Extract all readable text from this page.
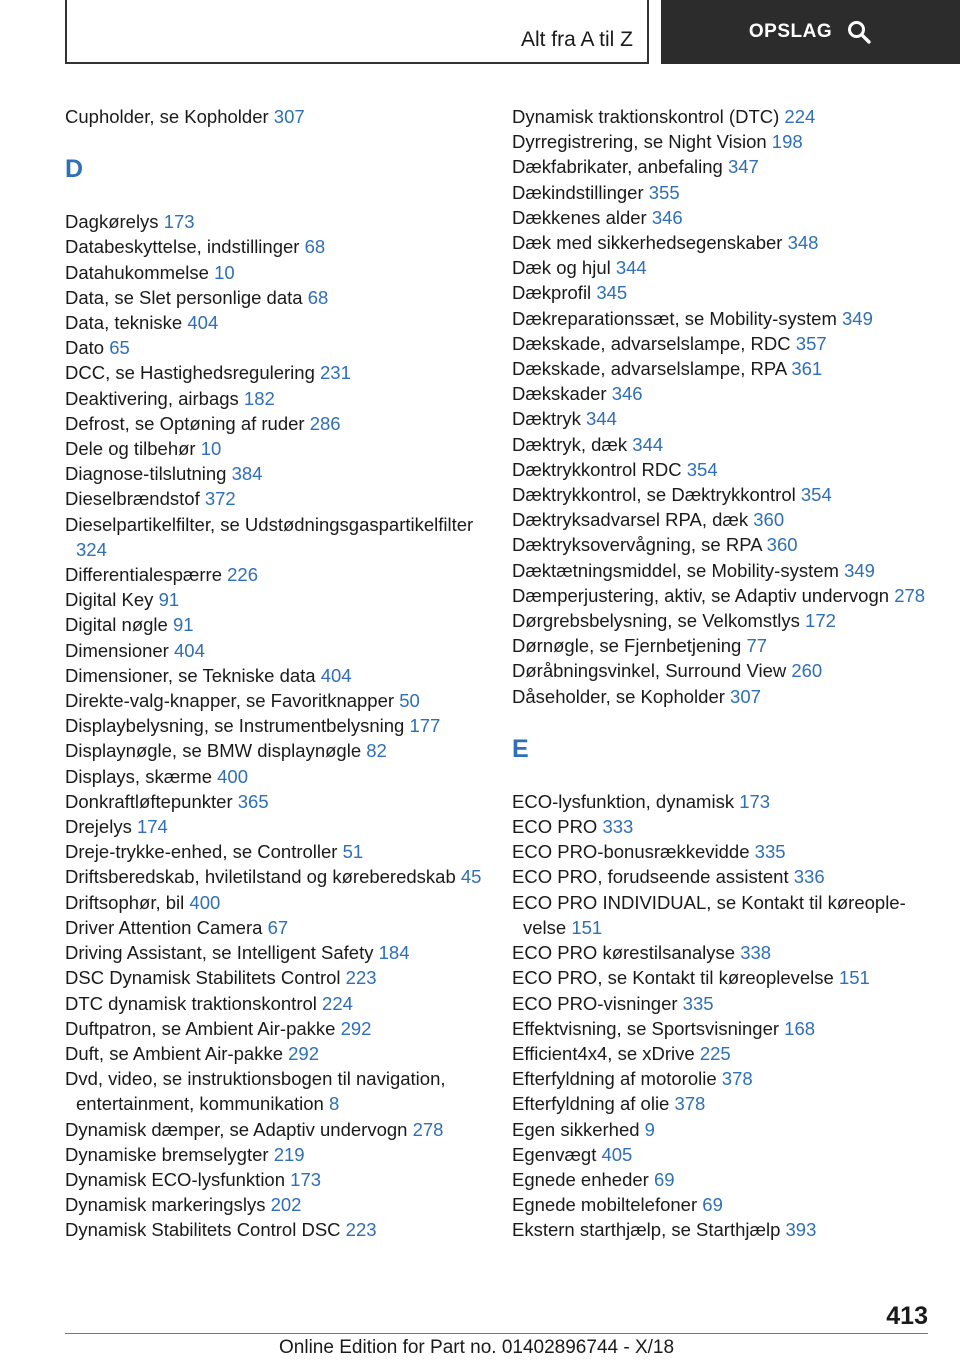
Alt fra A til Z	OPSLAG
Cupholder, se Kopholder 307
D
Dagkørelys 173
Databeskyttelse, indstillinger 68
Datahukommelse 10
Data, se Slet personlige data 68
Data, tekniske 404
Dato 65
DCC, se Hastighedsregulering 231
Deaktivering, airbags 182
Defrost, se Optøning af ruder 286
Dele og tilbehør 10
Diagnose-tilslutning 384
Dieselbrændstof 372
Dieselpartikelfilter, se Udstødningsgaspartikelfilter 324
Differentialespærre 226
Digital Key 91
Digital nøgle 91
Dimensioner 404
Dimensioner, se Tekniske data 404
Direkte-valg-knapper, se Favoritknapper 50
Displaybelysning, se Instrumentbelysning 177
Displaynøgle, se BMW displaynøgle 82
Displays, skærme 400
Donkraftløftepunkter 365
Drejelys 174
Dreje-trykke-enhed, se Controller 51
Driftsberedskab, hviletilstand og køreberedskab 45
Driftsophør, bil 400
Driver Attention Camera 67
Driving Assistant, se Intelligent Safety 184
DSC Dynamisk Stabilitets Control 223
DTC dynamisk traktionskontrol 224
Duftpatron, se Ambient Air-pakke 292
Duft, se Ambient Air-pakke 292
Dvd, video, se instruktionsbogen til navigation, entertainment, kommunikation 8
Dynamisk dæmper, se Adaptiv undervogn 278
Dynamiske bremselygter 219
Dynamisk ECO-lysfunktion 173
Dynamisk markeringslys 202
Dynamisk Stabilitets Control DSC 223
Dynamisk traktionskontrol (DTC) 224
Dyrregistrering, se Night Vision 198
Dækfabrikater, anbefaling 347
Dækindstillinger 355
Dækkenes alder 346
Dæk med sikkerhedsegenskaber 348
Dæk og hjul 344
Dækprofil 345
Dækreparationssæt, se Mobility-system 349
Dækskade, advarselslampe, RDC 357
Dækskade, advarselslampe, RPA 361
Dækskader 346
Dæktryk 344
Dæktryk, dæk 344
Dæktrykkontrol RDC 354
Dæktrykkontrol, se Dæktrykkontrol 354
Dæktryksadvarsel RPA, dæk 360
Dæktryksovervågning, se RPA 360
Dæktætningsmiddel, se Mobility-system 349
Dæmperjustering, aktiv, se Adaptiv undervogn 278
Dørgrebsbelysning, se Velkomstlys 172
Dørnøgle, se Fjernbetjening 77
Døråbningsvinkel, Surround View 260
Dåseholder, se Kopholder 307
E
ECO-lysfunktion, dynamisk 173
ECO PRO 333
ECO PRO-bonusrækkevidde 335
ECO PRO, forudseende assistent 336
ECO PRO INDIVIDUAL, se Kontakt til køreoplevelse 151
ECO PRO kørestilsanalyse 338
ECO PRO, se Kontakt til køreoplevelse 151
ECO PRO-visninger 335
Effektvisning, se Sportsvisninger 168
Efficient4x4, se xDrive 225
Efterfyldning af motorolie 378
Efterfyldning af olie 378
Egen sikkerhed 9
Egenvægt 405
Egnede enheder 69
Egnede mobiltelefoner 69
Ekstern starthjælp, se Starthjælp 393
413
Online Edition for Part no. 01402896744 - X/18
